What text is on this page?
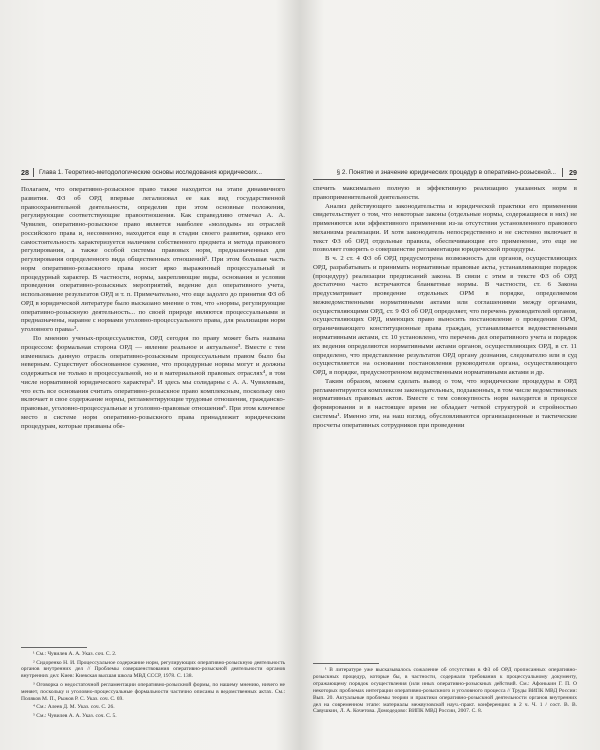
28 Глава 1. Теоретико-методологические основы исследования юридических...

Полагаем, что оперативно-розыскное право также находится на этапе динамичного развития. ФЗ об ОРД впервые легализовал ее как вид государственной правоохранительной деятельности, определив при этом основные положения, регулирующие соответствующие правоотношения. Как справедливо отмечал А. А. Чувилев, оперативно-розыскное право является наиболее «молодым» из отраслей российского права и, несомненно, находится еще в стадии своего развития, однако его самостоятельность характеризуется наличием собственного предмета и метода правового регулирования, а также особой системы правовых норм, предназначенных для регулирования определенного вида общественных отношений¹. При этом большая часть норм оперативно-розыскного права носит ярко выраженный процессуальный и процедурный характер. В частности, нормы, закрепляющие виды, основания и условия проведения оперативно-розыскных мероприятий, ведение дел оперативного учета, использование результатов ОРД и т. п. Примечательно, что еще задолго до принятия ФЗ об ОРД в юридической литературе было высказано мнение о том, что «нормы, регулирующие оперативно-розыскную деятельность... по своей природе являются процессуальными и предназначены, наравне с нормами уголовно-процессуального права, для реализации норм уголовного права»².

По мнению ученых-процессуалистов, ОРД сегодня по праву может быть названа процессом: формальная сторона ОРД — явление реальное и актуальное³. Вместе с тем изменилась данную отрасль оперативно-розыскным процессуальным правом было бы неверным. Существует обоснованное сужение, что процедурные нормы могут и должны содержаться не только в процессуальной, но и в материальной правовых отраслях⁴, в том числе нормативной юридического характера⁵. И здесь мы солидарны с А. А. Чувилевым, что есть все основания считать оперативно-розыскное право комплексным, поскольку оно включает в свое содержание нормы, регламентирующие трудовые отношения, гражданско-правовые, уголовно-процессуальные и уголовно-правовые отношения⁶. При этом ключевое место в системе норм оперативно-розыскного права принадлежит юридическим процедурам, которые призваны обе-

¹ См.: Чувилев А. А. Указ. соч. С. 2.

² Сидоренко Н. И. Процессуальное содержание норм, регулирующих оперативно-розыскную деятельность органов внутренних дел // Проблемы совершенствования оперативно-розыскной деятельности органов внутренних дел: Киев: Киевская высшая школа МВД СССР, 1978. С. 138.

³ Оговорка о недостаточной регламентации оперативно-розыскной формы, по нашему мнению, ничего не меняет, поскольку и уголовно-процессуальные формальности частично описаны в ведомственных актах. См.: Поляков М. П., Рыжов Р. С. Указ. соч. С. 69.

⁴ См.: Алеев Д. М. Указ. соч. С. 26.

⁵ См.: Чувилев А. А. Указ. соч. С. 5.

§ 2. Понятие и значение юридических процедур в оперативно-розыскной... 29

спечить максимально полную и эффективную реализацию указанных норм в правоприменительной деятельности.

Анализ действующего законодательства и юридической практики его применения свидетельствует о том, что некоторые законы (отдельные нормы, содержащиеся в них) не применяются или эффективного применения из-за отсутствия установленного правового механизма реализации. И хотя законодатель непосредственно и не системно включает в текст ФЗ об ОРД отдельные правила, обеспечивающие его применение, это еще не позволяет говорить о совершенстве регламентации юридической процедуры.

В ч. 2 ст. 4 ФЗ об ОРД предусмотрена возможность для органов, осуществляющих ОРД, разрабатывать и принимать нормативные правовые акты, устанавливающие порядок (процедуру) реализации предписаний закона. В связи с этим в тексте ФЗ об ОРД достаточно часто встречаются бланкетные нормы. В частности, ст. 6 Закона предусматривает проведение отдельных ОРМ в порядке, определяемом межведомственными нормативными актами или соглашениями между органами, осуществляющими ОРД, ст. 9 ФЗ об ОРД определяет, что перечень руководителей органов, осуществляющих ОРД, имеющих право выносить постановление о проведении ОРМ, ограничивающего конституционные права граждан, устанавливается ведомственными нормативными актами, ст. 10 установлено, что перечень дел оперативного учета и порядок их ведения определяются нормативными актами органов, осуществляющих ОРД, в ст. 11 определено, что представление результатов ОРД органу дознания, следователю или в суд осуществляется на основании постановления руководителя органа, осуществляющего ОРД, в порядке, предусмотренном ведомственными нормативными актами и др.

Таким образом, можем сделать вывод о том, что юридические процедуры в ОРД регламентируются комплексом законодательных, подзаконных, в том числе ведомственных нормативных правовых актов. Вместе с тем совокупность норм находится в процессе формирования и в настоящее время не обладает четкой структурой и стройностью системы¹. Именно эти, на наш взгляд, обусловливаются организационные и тактические просчеты оперативных сотрудников при проведении

¹ В литературе уже высказывалось сожаление об отсутствии в ФЗ об ОРД прописанных оперативно-розыскных процедур, которые бы, в частности, содержали требования к процессуальному документу, отражающему порядок осуществления (или иных оперативно-розыскных действий. См.: Афонькин Г. П. О некоторых проблемах интеграции оперативно-розыскного и уголовного процесса // Труды ВИПК МВД России: Вып. 20. Актуальные проблемы теории и практики оперативно-розыскной деятельности органов внутренних дел на современном этапе: материалы межвузовской науч.-практ. конференции: в 2 ч. Ч. 1 / сост. В. В. Савушкин, Л. А. Кочетова. Домодедово: ВИПК МВД России, 2007. С. 8.
